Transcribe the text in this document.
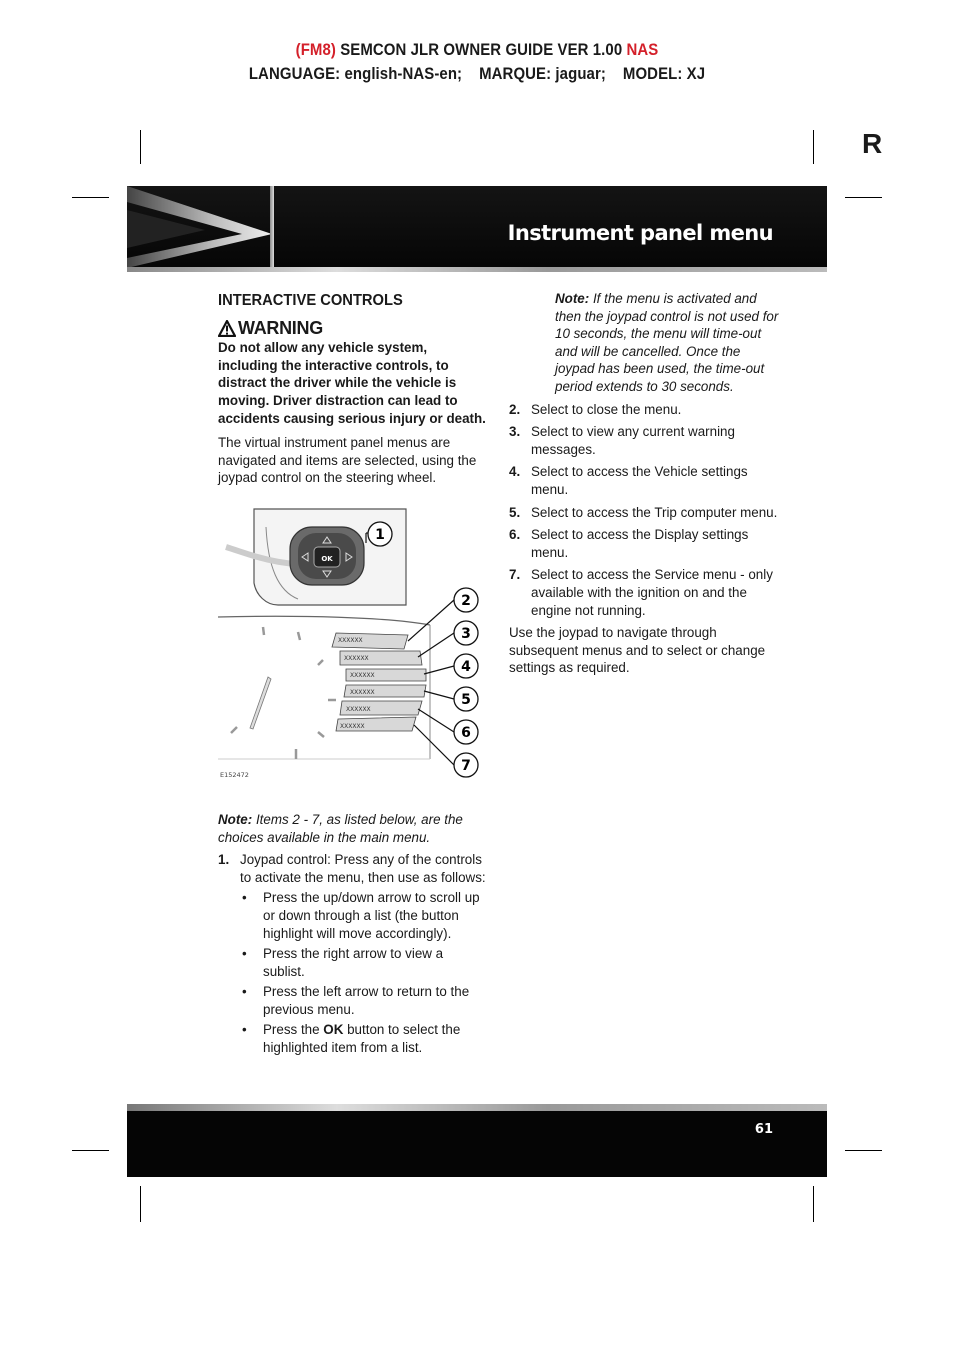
(FM8) SEMCON JLR OWNER GUIDE VER 1.00 NAS
LANGUAGE: english-NAS-en;    MARQUE: jaguar;    MODEL: XJ
R
Instrument panel menu
INTERACTIVE CONTROLS
WARNING
Do not allow any vehicle system, including the interactive controls, to distract the driver while the vehicle is moving. Driver distraction can lead to accidents causing serious injury or death.

The virtual instrument panel menus are navigated and items are selected, using the joypad control on the steering wheel.

OK
XXXXXX
XXXXXX
XXXXXX
XXXXXX
XXXXXX
XXXXXX
1
2
3
4
5
6
7
E152472

Note: Items 2 - 7, as listed below, are the choices available in the main menu.

1. Joypad control: Press any of the controls to activate the menu, then use as follows:
• Press the up/down arrow to scroll up or down through a list (the button highlight will move accordingly).
• Press the right arrow to view a sublist.
• Press the left arrow to return to the previous menu.
• Press the OK button to select the highlighted item from a list.

Note: If the menu is activated and then the joypad control is not used for 10 seconds, the menu will time-out and will be cancelled. Once the joypad has been used, the time-out period extends to 30 seconds.

2. Select to close the menu.
3. Select to view any current warning messages.
4. Select to access the Vehicle settings menu.
5. Select to access the Trip computer menu.
6. Select to access the Display settings menu.
7. Select to access the Service menu - only available with the ignition on and the engine not running.

Use the joypad to navigate through subsequent menus and to select or change settings as required.

61
